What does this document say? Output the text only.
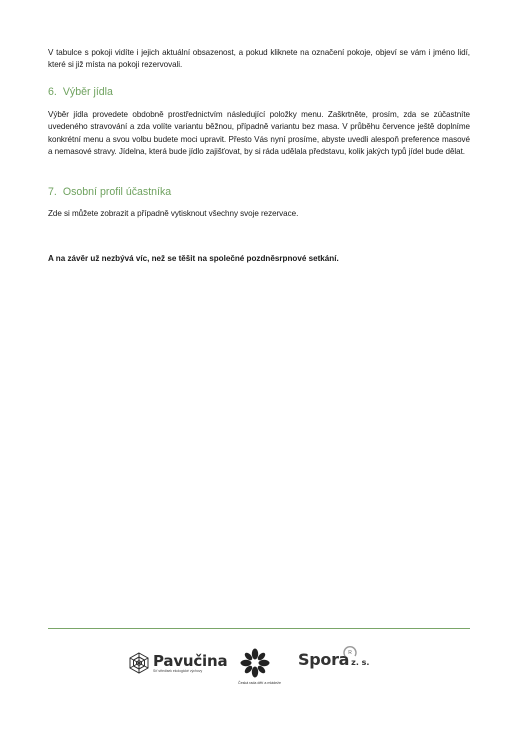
V tabulce s pokoji vidíte i jejich aktuální obsazenost, a pokud kliknete na označení pokoje, objeví se vám i jméno lidí, které si již místa na pokoji rezervovali.

6. Výběr jídla

Výběr jídla provedete obdobně prostřednictvím následující položky menu. Zaškrtněte, prosím, zda se zúčastníte uvedeného stravování a zda volíte variantu běžnou, případně variantu bez masa. V průběhu července ještě doplníme konkrétní menu a svou volbu budete moci upravit. Přesto Vás nyní prosíme, abyste uvedli alespoň preference masové a nemasové stravy. Jídelna, která bude jídlo zajišťovat, by si ráda udělala představu, kolik jakých typů jídel bude dělat.

7. Osobní profil účastníka

Zde si můžete zobrazit a případně vytisknout všechny svoje rezervace.

A na závěr už nezbývá víc, než se těšit na společné pozdněsrpnové setkání.

Pavučina
Síť středisek ekologické výchovy
Česká rada dětí a mládeže
Spora z. s.
R
